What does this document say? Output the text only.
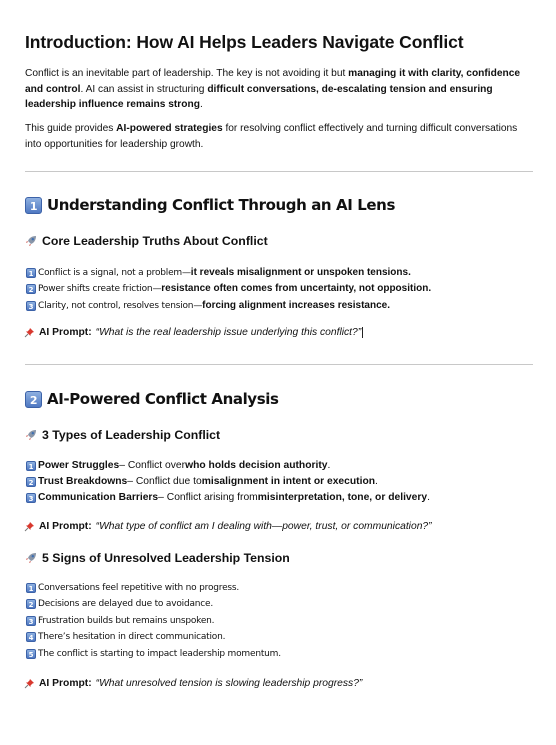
Introduction: How AI Helps Leaders Navigate Conflict
Conflict is an inevitable part of leadership. The key is not avoiding it but managing it with clarity, confidence and control. AI can assist in structuring difficult conversations, de-escalating tension and ensuring leadership influence remains strong.
This guide provides AI-powered strategies for resolving conflict effectively and turning difficult conversations into opportunities for leadership growth.
1 Understanding Conflict Through an AI Lens
Core Leadership Truths About Conflict
1 Conflict is a signal, not a problem— it reveals misalignment or unspoken tensions.
2 Power shifts create friction— resistance often comes from uncertainty, not opposition.
3 Clarity, not control, resolves tension— forcing alignment increases resistance.
AI Prompt: “What is the real leadership issue underlying this conflict?”
2 AI-Powered Conflict Analysis
3 Types of Leadership Conflict
1 Power Struggles – Conflict over who holds decision authority .
2 Trust Breakdowns – Conflict due to misalignment in intent or execution .
3 Communication Barriers – Conflict arising from misinterpretation, tone, or delivery .
AI Prompt: “What type of conflict am I dealing with—power, trust, or communication?”
5 Signs of Unresolved Leadership Tension
1 Conversations feel repetitive with no progress.
2 Decisions are delayed due to avoidance.
3 Frustration builds but remains unspoken.
4 There’s hesitation in direct communication.
5 The conflict is starting to impact leadership momentum.
AI Prompt: “What unresolved tension is slowing leadership progress?”
